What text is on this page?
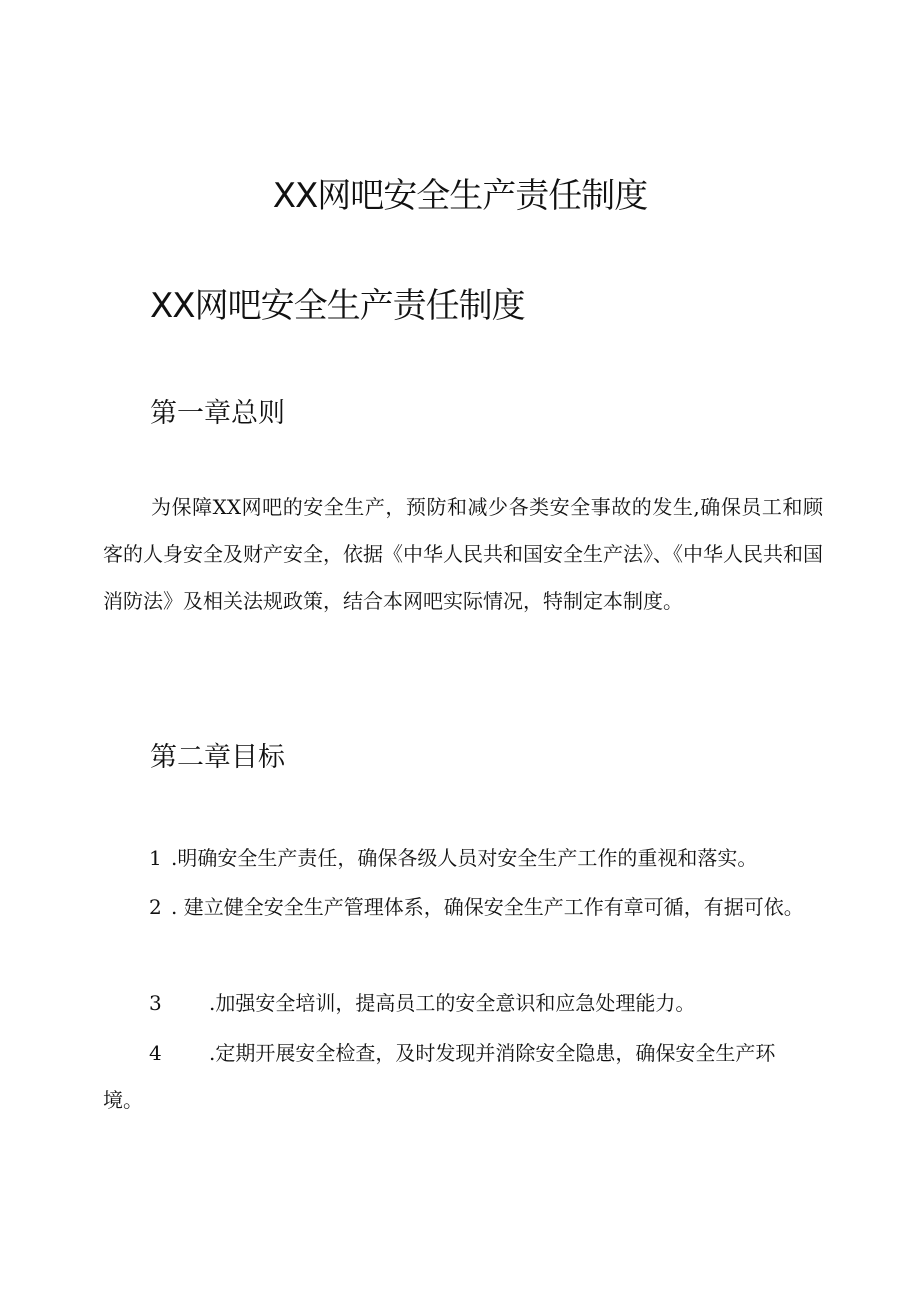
XX网吧安全生产责任制度
XX网吧安全生产责任制度
第一章总则

为保障XX网吧的安全生产，预防和减少各类安全事故的发生,确保员工和顾客的人身安全及财产安全，依据《中华人民共和国安全生产法》、《中华人民共和国消防法》及相关法规政策，结合本网吧实际情况，特制定本制度。

第二章目标

1 .明确安全生产责任，确保各级人员对安全生产工作的重视和落实。

2 . 建立健全安全生产管理体系，确保安全生产工作有章可循，有据可依。

3 .加强安全培训，提高员工的安全意识和应急处理能力。

4 .定期开展安全检查，及时发现并消除安全隐患，确保安全生产环境。
